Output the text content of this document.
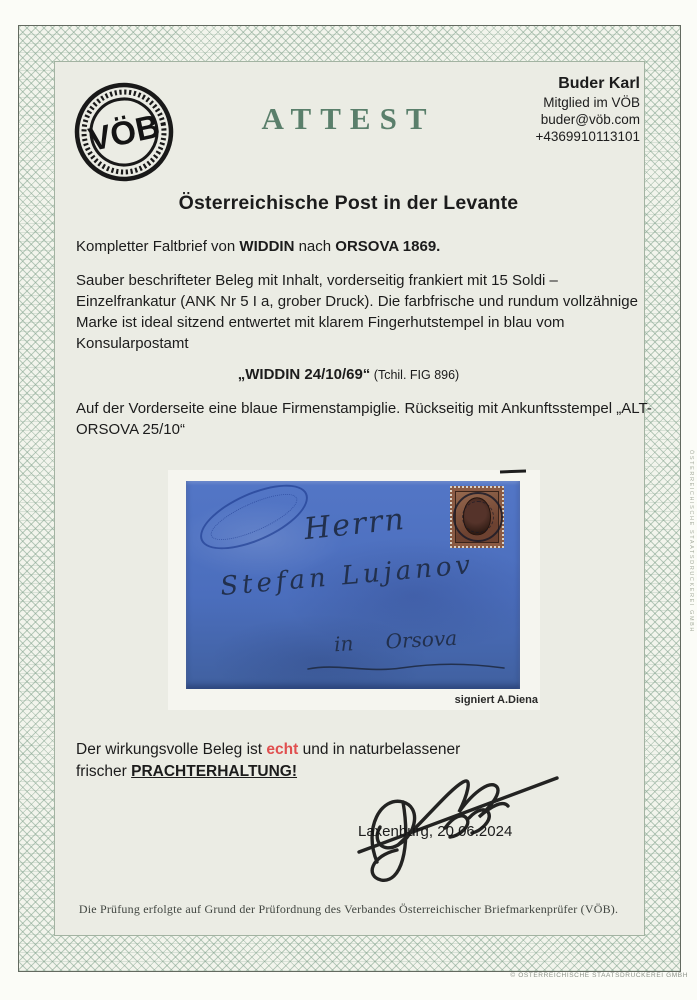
VÖB	ATTEST
Buder Karl
Mitglied im VÖB
buder@vöb.com
+4369910113101
Österreichische Post in der Levante
Kompletter Faltbrief von WIDDIN nach ORSOVA 1869.
Sauber beschrifteter Beleg mit Inhalt, vorderseitig frankiert mit 15 Soldi – Einzelfrankatur (ANK Nr 5 I a, grober Druck). Die farbfrische und rundum vollzähnige Marke ist ideal sitzend entwertet mit klarem Fingerhutstempel in blau vom Konsularpostamt
„WIDDIN 24/10/69“ (Tchil. FIG 896)
Auf der Vorderseite eine blaue Firmenstampiglie. Rückseitig mit Ankunftsstempel „ALT-ORSOVA 25/10“
Herrn
Stefan Lujanov
in Orsova
signiert A.Diena
Der wirkungsvolle Beleg ist echt und in naturbelassener
frischer PRACHTERHALTUNG!
Laxenburg, 20.06.2024
Die Prüfung erfolgte auf Grund der Prüfordnung des Verbandes Österreichischer Briefmarkenprüfer (VÖB).
© ÖSTERREICHISCHE STAATSDRUCKEREI GMBH
ÖSTERREICHISCHE STAATSDRUCKEREI GMBH
